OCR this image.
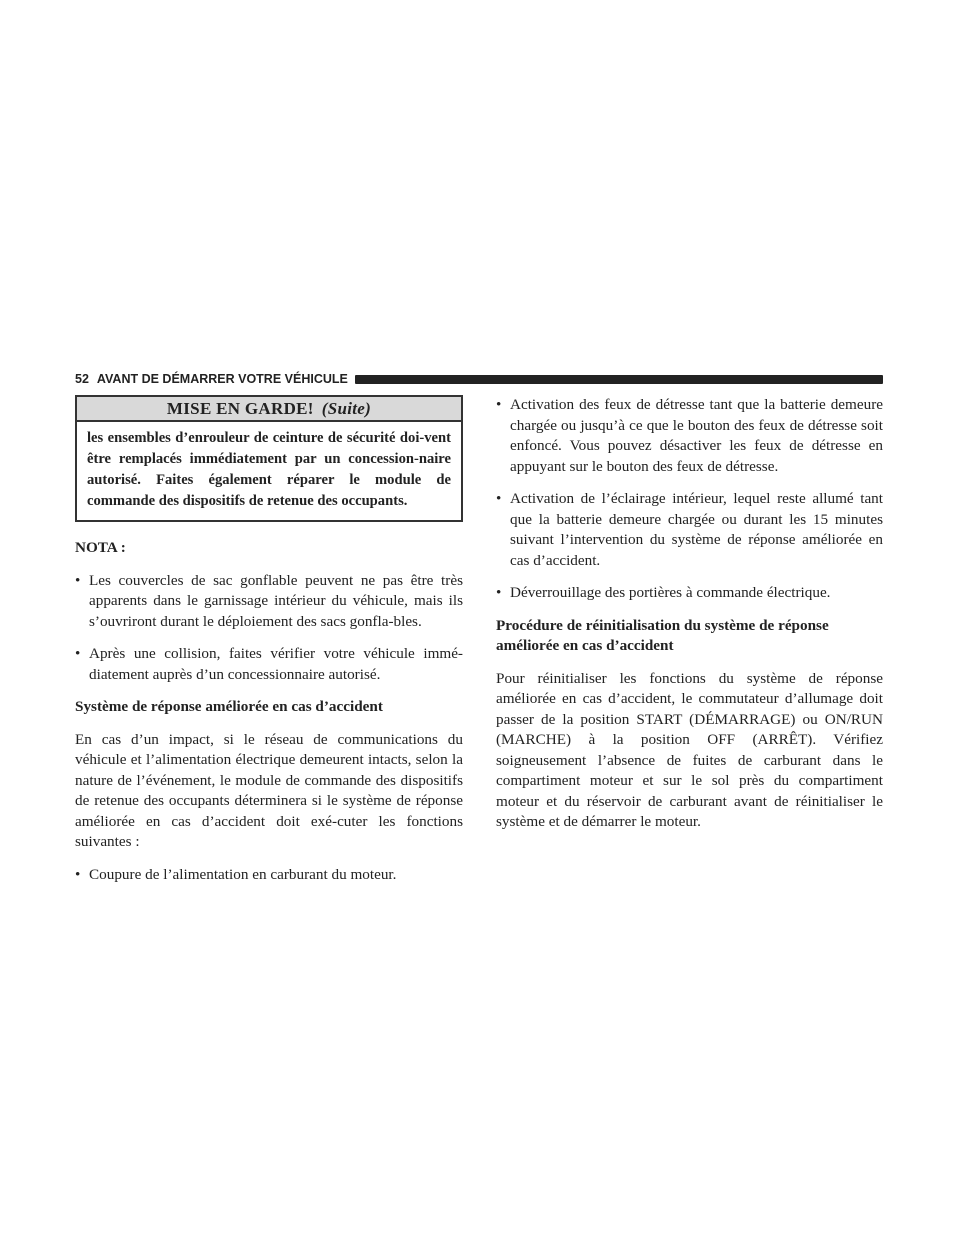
52 AVANT DE DÉMARRER VOTRE VÉHICULE
MISE EN GARDE! (Suite)
les ensembles d’enrouleur de ceinture de sécurité doi-vent être remplacés immédiatement par un concession-naire autorisé. Faites également réparer le module de commande des dispositifs de retenue des occupants.

NOTA :

• Les couvercles de sac gonflable peuvent ne pas être très apparents dans le garnissage intérieur du véhicule, mais ils s’ouvriront durant le déploiement des sacs gonfla-bles.
• Après une collision, faites vérifier votre véhicule immé-diatement auprès d’un concessionnaire autorisé.

Système de réponse améliorée en cas d’accident

En cas d’un impact, si le réseau de communications du véhicule et l’alimentation électrique demeurent intacts, selon la nature de l’événement, le module de commande des dispositifs de retenue des occupants déterminera si le système de réponse améliorée en cas d’accident doit exé-cuter les fonctions suivantes :

• Coupure de l’alimentation en carburant du moteur.
• Activation des feux de détresse tant que la batterie demeure chargée ou jusqu’à ce que le bouton des feux de détresse soit enfoncé. Vous pouvez désactiver les feux de détresse en appuyant sur le bouton des feux de détresse.
• Activation de l’éclairage intérieur, lequel reste allumé tant que la batterie demeure chargée ou durant les 15 minutes suivant l’intervention du système de réponse améliorée en cas d’accident.
• Déverrouillage des portières à commande électrique.

Procédure de réinitialisation du système de réponse améliorée en cas d’accident

Pour réinitialiser les fonctions du système de réponse améliorée en cas d’accident, le commutateur d’allumage doit passer de la position START (DÉMARRAGE) ou ON/RUN (MARCHE) à la position OFF (ARRÊT). Vérifiez soigneusement l’absence de fuites de carburant dans le compartiment moteur et sur le sol près du compartiment moteur et du réservoir de carburant avant de réinitialiser le système et de démarrer le moteur.
